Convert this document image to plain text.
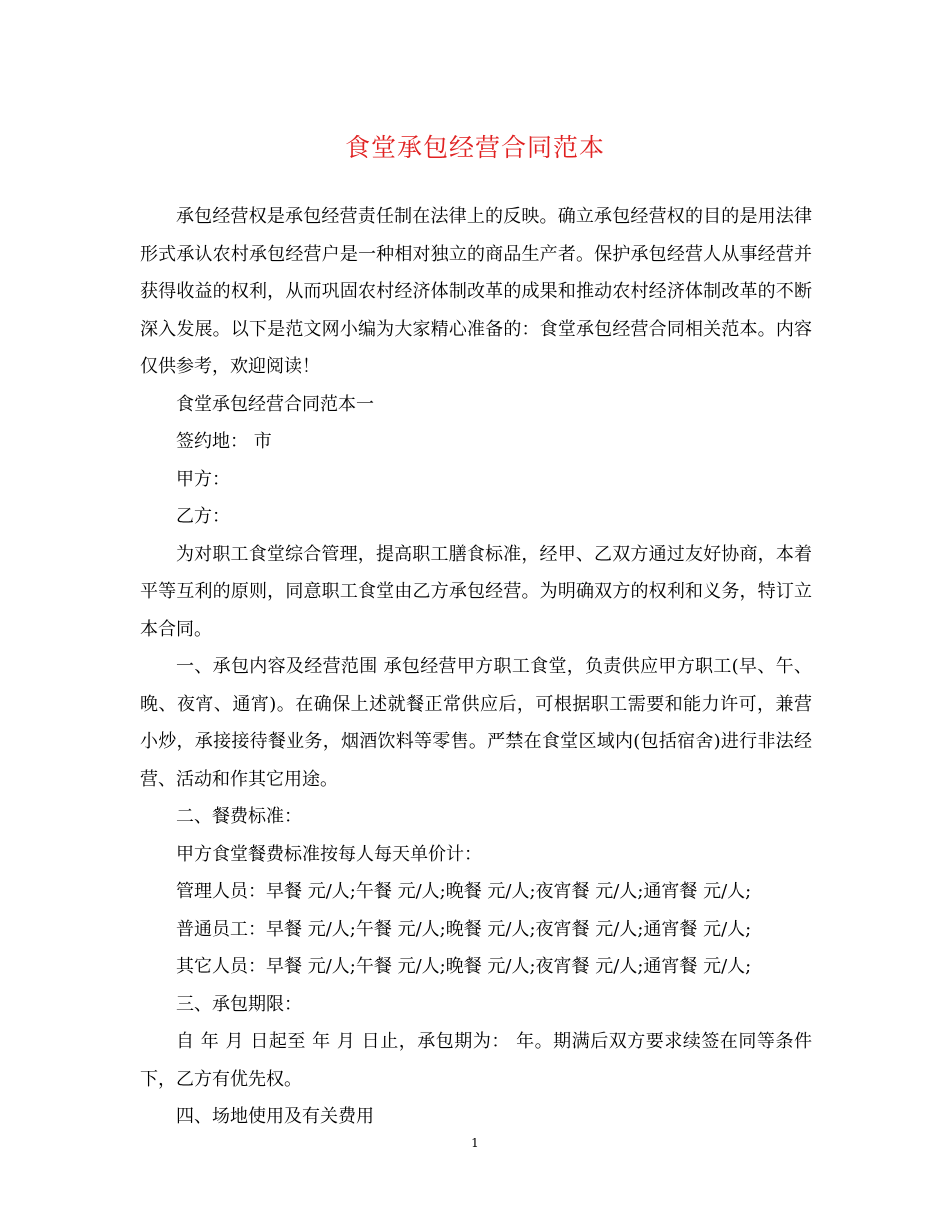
食堂承包经营合同范本

承包经营权是承包经营责任制在法律上的反映。确立承包经营权的目的是用法律形式承认农村承包经营户是一种相对独立的商品生产者。保护承包经营人从事经营并获得收益的权利，从而巩固农村经济体制改革的成果和推动农村经济体制改革的不断深入发展。以下是范文网小编为大家精心准备的：食堂承包经营合同相关范本。内容仅供参考，欢迎阅读！

食堂承包经营合同范本一

签约地： 市

甲方：

乙方：

为对职工食堂综合管理，提高职工膳食标准，经甲、乙双方通过友好协商，本着平等互利的原则，同意职工食堂由乙方承包经营。为明确双方的权利和义务，特订立本合同。

一、承包内容及经营范围 承包经营甲方职工食堂，负责供应甲方职工(早、午、晚、夜宵、通宵)。在确保上述就餐正常供应后，可根据职工需要和能力许可，兼营小炒，承接接待餐业务，烟酒饮料等零售。严禁在食堂区域内(包括宿舍)进行非法经营、活动和作其它用途。

二、餐费标准：

甲方食堂餐费标准按每人每天单价计：

管理人员：早餐 元/人;午餐 元/人;晚餐 元/人;夜宵餐 元/人;通宵餐 元/人;

普通员工：早餐 元/人;午餐 元/人;晚餐 元/人;夜宵餐 元/人;通宵餐 元/人;

其它人员：早餐 元/人;午餐 元/人;晚餐 元/人;夜宵餐 元/人;通宵餐 元/人;

三、承包期限：

自 年 月 日起至 年 月 日止，承包期为： 年。期满后双方要求续签在同等条件下，乙方有优先权。

四、场地使用及有关费用

1
